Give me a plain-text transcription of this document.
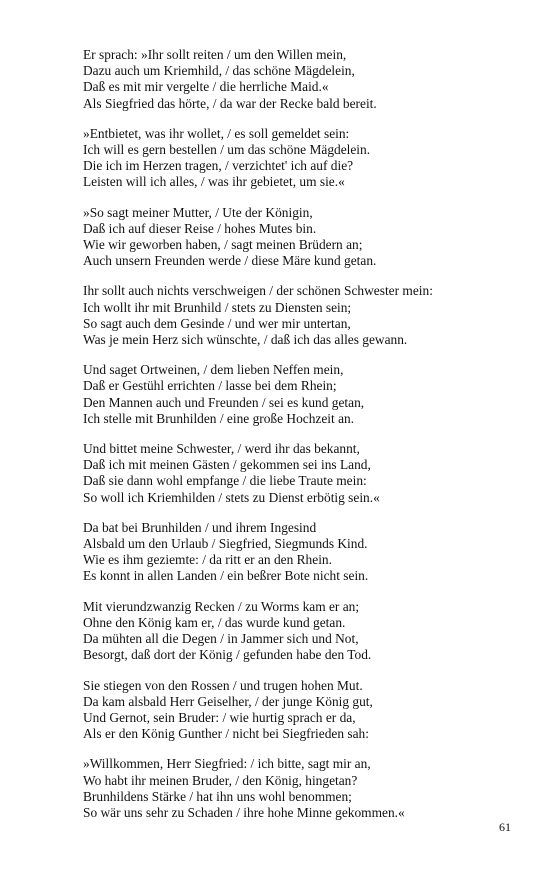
Er sprach: »Ihr sollt reiten / um den Willen mein,
Dazu auch um Kriemhild, / das schöne Mägdelein,
Daß es mit mir vergelte / die herrliche Maid.«
Als Siegfried das hörte, / da war der Recke bald bereit.
»Entbietet, was ihr wollet, / es soll gemeldet sein:
Ich will es gern bestellen / um das schöne Mägdelein.
Die ich im Herzen tragen, / verzichtet' ich auf die?
Leisten will ich alles, / was ihr gebietet, um sie.«
»So sagt meiner Mutter, / Ute der Königin,
Daß ich auf dieser Reise / hohes Mutes bin.
Wie wir geworben haben, / sagt meinen Brüdern an;
Auch unsern Freunden werde / diese Märe kund getan.
Ihr sollt auch nichts verschweigen / der schönen Schwester mein:
Ich wollt ihr mit Brunhild / stets zu Diensten sein;
So sagt auch dem Gesinde / und wer mir untertan,
Was je mein Herz sich wünschte, / daß ich das alles gewann.
Und saget Ortweinen, / dem lieben Neffen mein,
Daß er Gestühl errichten / lasse bei dem Rhein;
Den Mannen auch und Freunden / sei es kund getan,
Ich stelle mit Brunhilden / eine große Hochzeit an.
Und bittet meine Schwester, / werd ihr das bekannt,
Daß ich mit meinen Gästen / gekommen sei ins Land,
Daß sie dann wohl empfange / die liebe Traute mein:
So woll ich Kriemhilden / stets zu Dienst erbötig sein.«
Da bat bei Brunhilden / und ihrem Ingesind
Alsbald um den Urlaub / Siegfried, Siegmunds Kind.
Wie es ihm geziemte: / da ritt er an den Rhein.
Es konnt in allen Landen / ein beßrer Bote nicht sein.
Mit vierundzwanzig Recken / zu Worms kam er an;
Ohne den König kam er, / das wurde kund getan.
Da mühten all die Degen / in Jammer sich und Not,
Besorgt, daß dort der König / gefunden habe den Tod.
Sie stiegen von den Rossen / und trugen hohen Mut.
Da kam alsbald Herr Geiselher, / der junge König gut,
Und Gernot, sein Bruder: / wie hurtig sprach er da,
Als er den König Gunther / nicht bei Siegfrieden sah:
»Willkommen, Herr Siegfried: / ich bitte, sagt mir an,
Wo habt ihr meinen Bruder, / den König, hingetan?
Brunhildens Stärke / hat ihn uns wohl benommen;
So wär uns sehr zu Schaden / ihre hohe Minne gekommen.«
61
